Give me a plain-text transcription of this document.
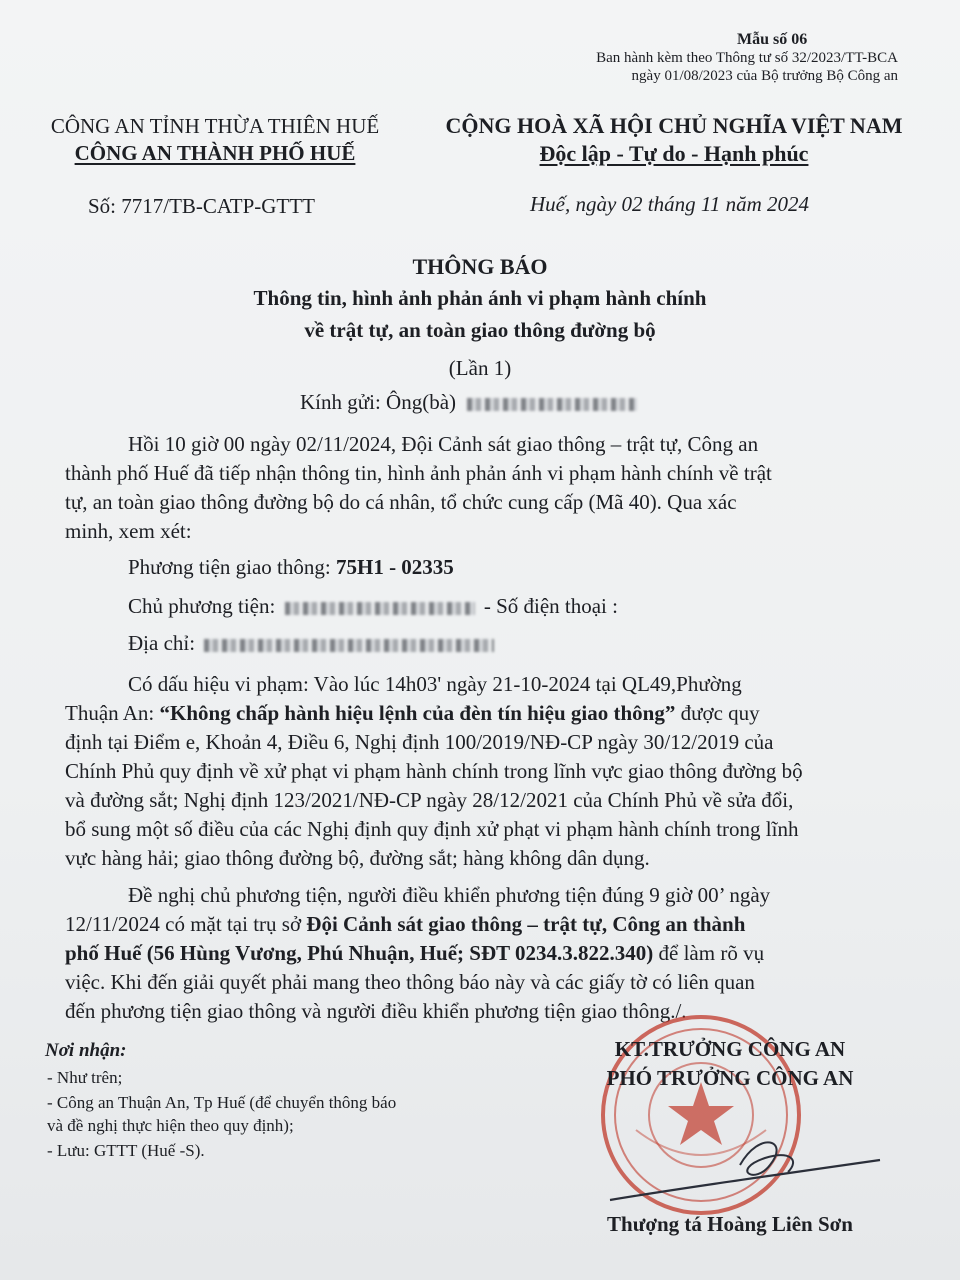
Mẫu số 06
Ban hành kèm theo Thông tư số 32/2023/TT-BCA
ngày 01/08/2023 của Bộ trưởng Bộ Công an
CÔNG AN TỈNH THỪA THIÊN HUẾ
CÔNG AN THÀNH PHỐ HUẾ
CỘNG HOÀ XÃ HỘI CHỦ NGHĨA VIỆT NAM
Độc lập - Tự do - Hạnh phúc
Số: 7717/TB-CATP-GTTT	Huế, ngày 02 tháng 11 năm 2024
THÔNG BÁO
Thông tin, hình ảnh phản ánh vi phạm hành chính
về trật tự, an toàn giao thông đường bộ
(Lần 1)
Kính gửi: Ông(bà)
Hồi 10 giờ 00 ngày 02/11/2024, Đội Cảnh sát giao thông – trật tự, Công an
thành phố Huế đã tiếp nhận thông tin, hình ảnh phản ánh vi phạm hành chính về trật
tự, an toàn giao thông đường bộ do cá nhân, tổ chức cung cấp (Mã 40). Qua xác
minh, xem xét:
Phương tiện giao thông: 75H1 - 02335
Chủ phương tiện:	- Số điện thoại :
Địa chỉ:
Có dấu hiệu vi phạm: Vào lúc 14h03' ngày 21-10-2024 tại QL49,Phường
Thuận An: “Không chấp hành hiệu lệnh của đèn tín hiệu giao thông” được quy
định tại Điểm e, Khoản 4, Điều 6, Nghị định 100/2019/NĐ-CP ngày 30/12/2019 của
Chính Phủ quy định về xử phạt vi phạm hành chính trong lĩnh vực giao thông đường bộ
và đường sắt; Nghị định 123/2021/NĐ-CP ngày 28/12/2021 của Chính Phủ về sửa đổi,
bổ sung một số điều của các Nghị định quy định xử phạt vi phạm hành chính trong lĩnh
vực hàng hải; giao thông đường bộ, đường sắt; hàng không dân dụng.
Đề nghị chủ phương tiện, người điều khiển phương tiện đúng 9 giờ 00’ ngày
12/11/2024 có mặt tại trụ sở Đội Cảnh sát giao thông – trật tự, Công an thành
phố Huế (56 Hùng Vương, Phú Nhuận, Huế; SĐT 0234.3.822.340) để làm rõ vụ
việc. Khi đến giải quyết phải mang theo thông báo này và các giấy tờ có liên quan
đến phương tiện giao thông và người điều khiển phương tiện giao thông./.
Nơi nhận:
- Như trên;
- Công an Thuận An, Tp Huế (để chuyển thông báo
và đề nghị thực hiện theo quy định);
- Lưu: GTTT (Huế -S).
KT.TRƯỞNG CÔNG AN
PHÓ TRƯỞNG CÔNG AN
Thượng tá Hoàng Liên Sơn
